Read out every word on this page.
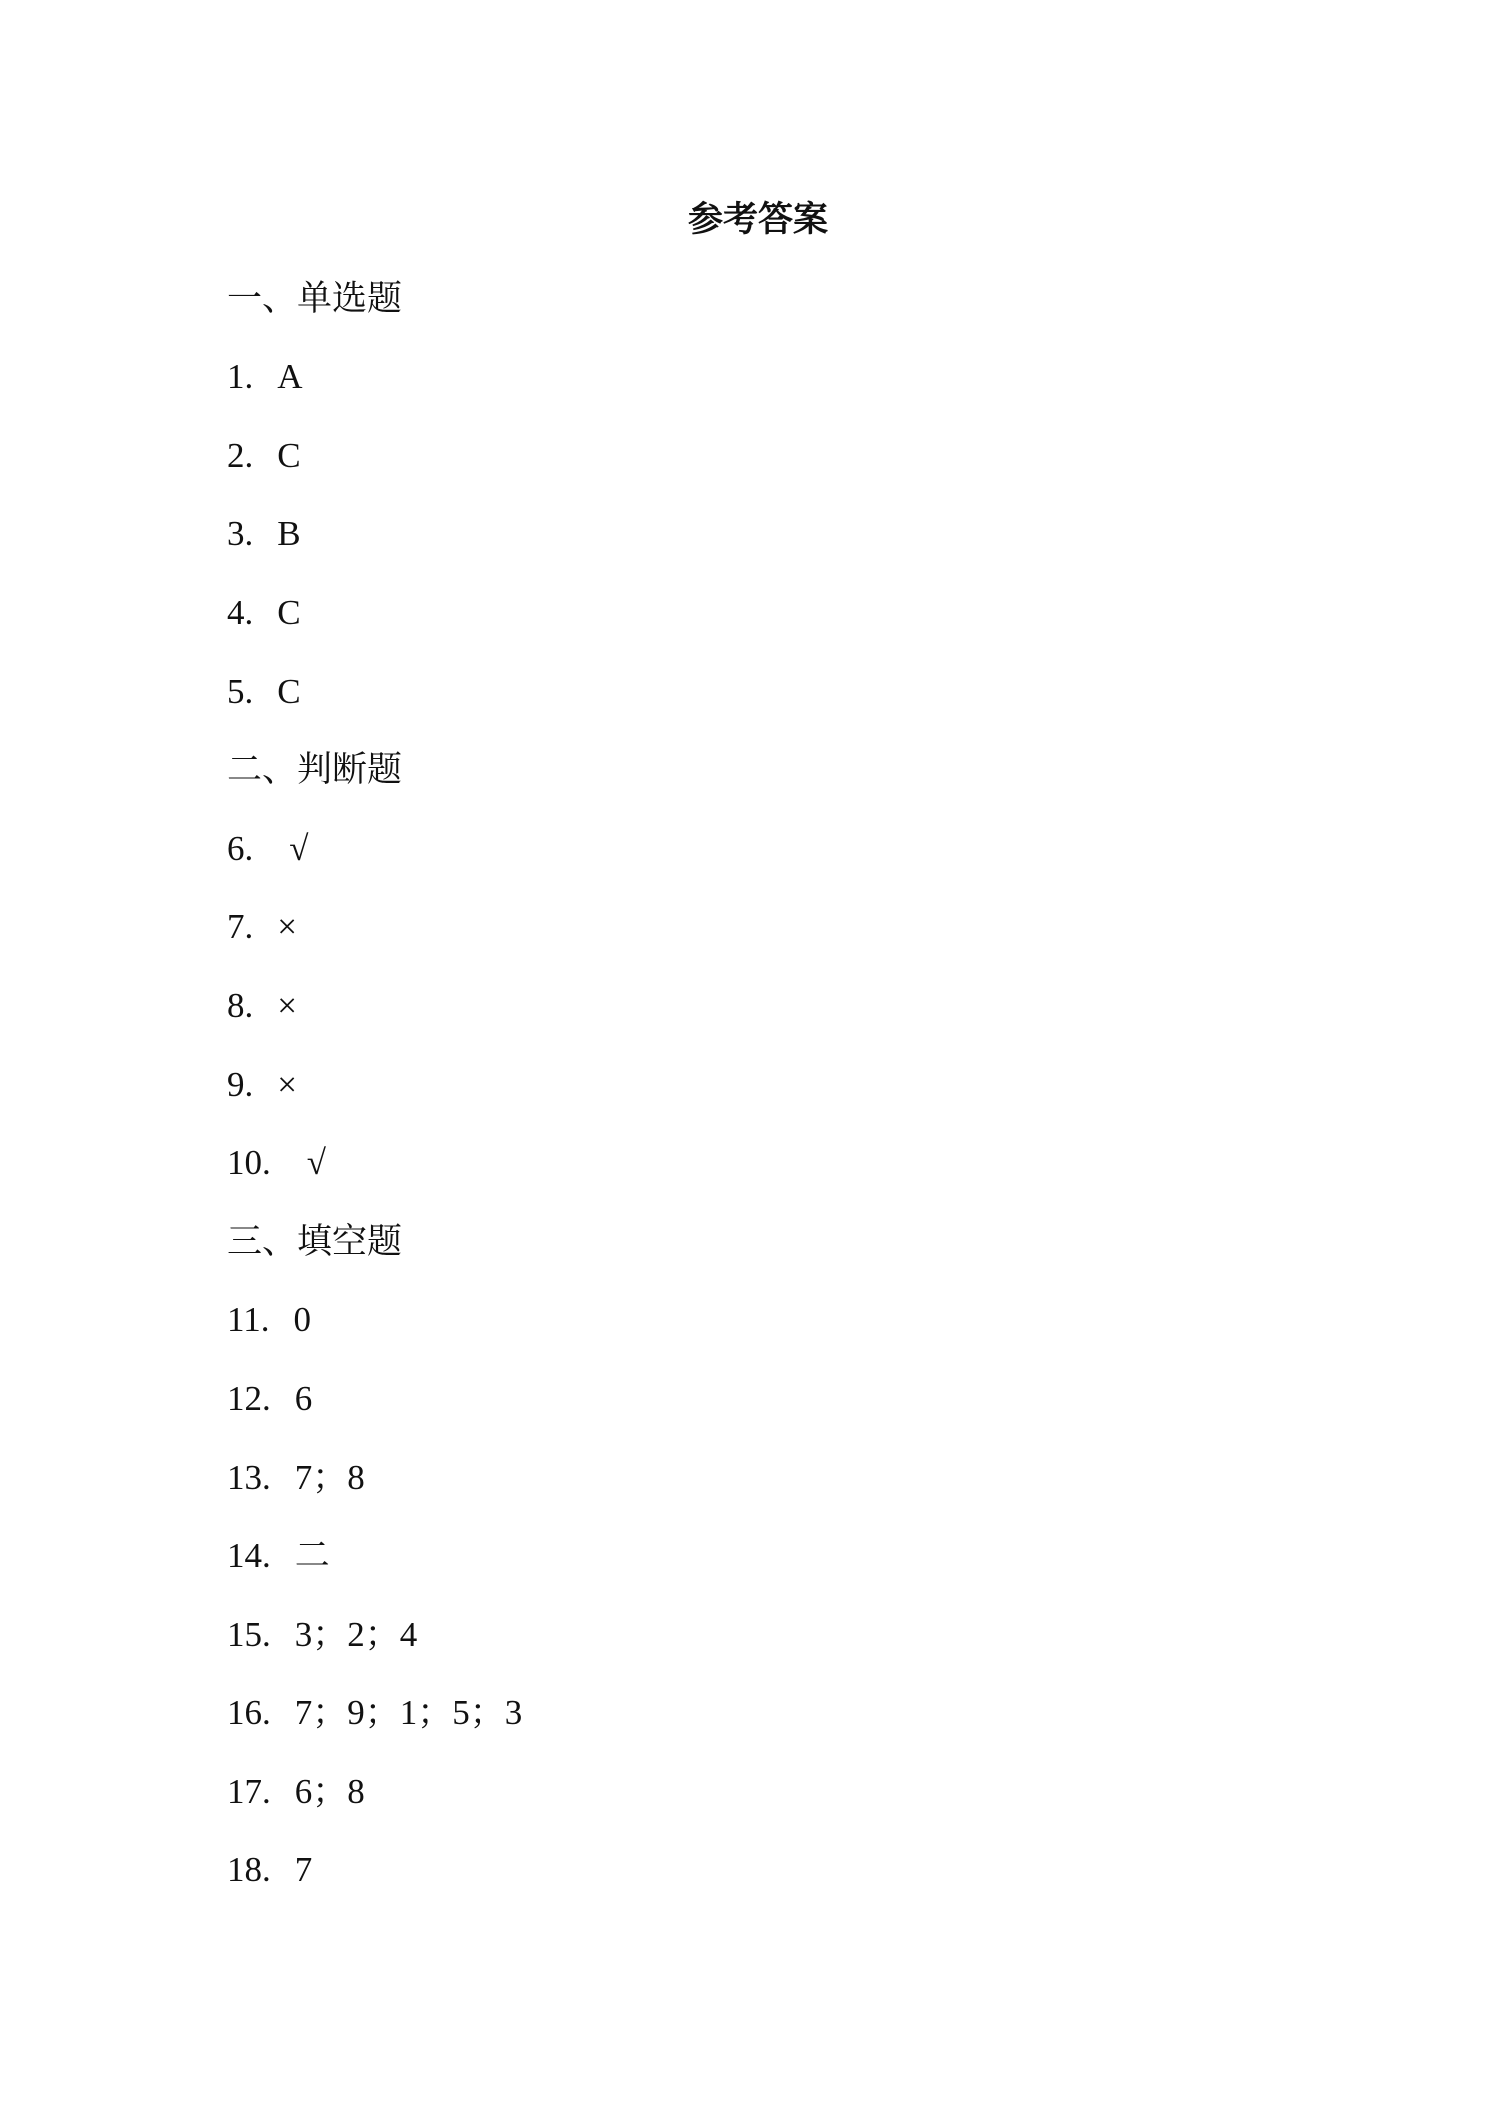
参考答案
一、单选题
1. A
2. C
3. B
4. C
5. C
二、判断题
6. √
7. ×
8. ×
9. ×
10. √
三、填空题
11. 0
12. 6
13. 7；8
14. 二
15. 3；2；4
16. 7；9；1；5；3
17. 6；8
18. 7
